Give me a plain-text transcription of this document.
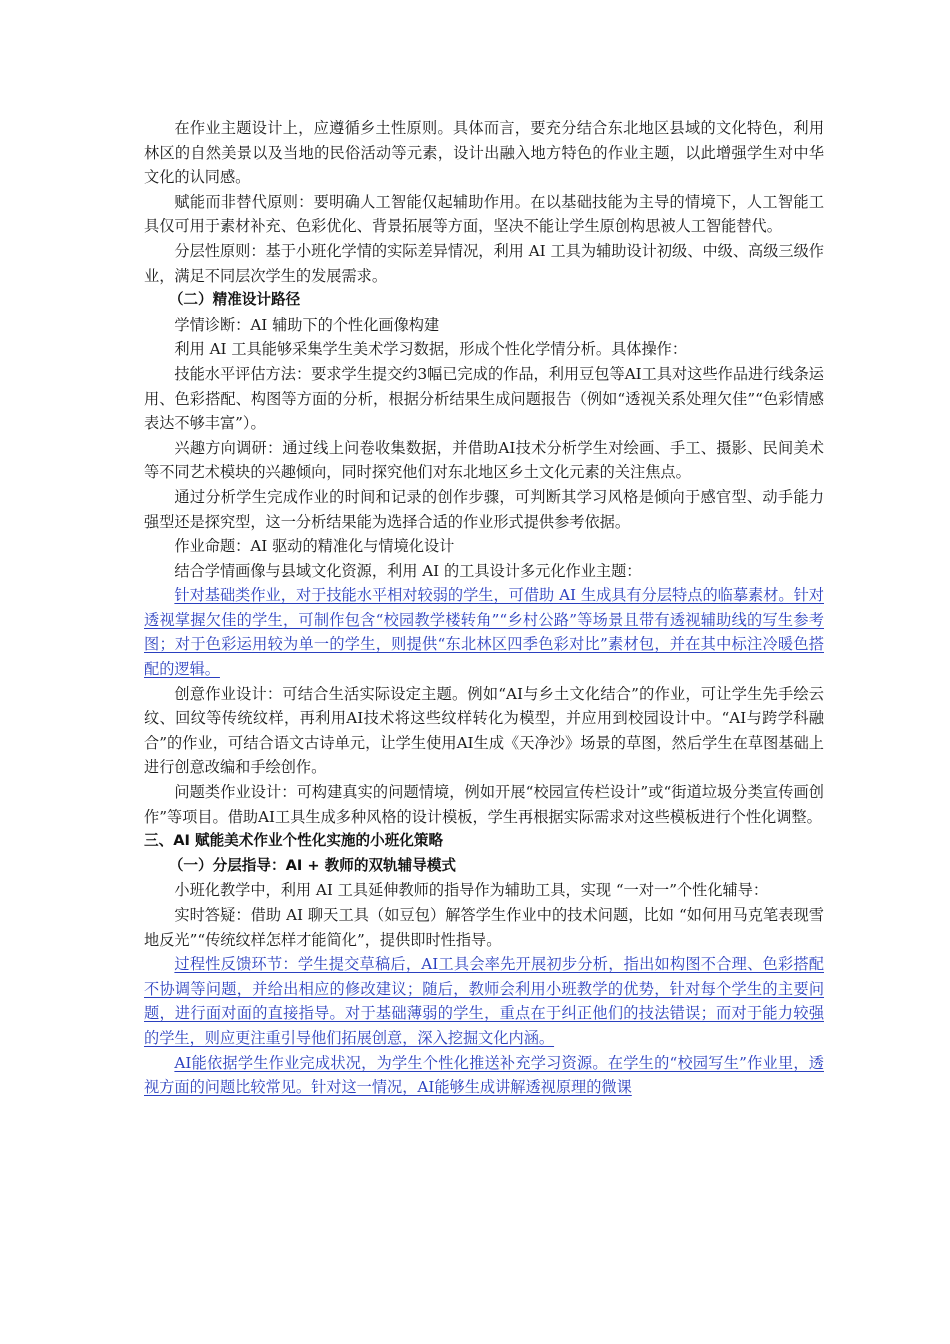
在作业主题设计上，应遵循乡土性原则。具体而言，要充分结合东北地区县域的文化特色，利用林区的自然美景以及当地的民俗活动等元素，设计出融入地方特色的作业主题，以此增强学生对中华文化的认同感。

赋能而非替代原则：要明确人工智能仅起辅助作用。在以基础技能为主导的情境下，人工智能工具仅可用于素材补充、色彩优化、背景拓展等方面，坚决不能让学生原创构思被人工智能替代。

分层性原则：基于小班化学情的实际差异情况，利用 AI 工具为辅助设计初级、中级、高级三级作业，满足不同层次学生的发展需求。

（二）精准设计路径

学情诊断：AI 辅助下的个性化画像构建

利用 AI 工具能够采集学生美术学习数据，形成个性化学情分析。具体操作：

技能水平评估方法：要求学生提交约3幅已完成的作品，利用豆包等AI工具对这些作品进行线条运用、色彩搭配、构图等方面的分析，根据分析结果生成问题报告（例如“透视关系处理欠佳”“色彩情感表达不够丰富”）。

兴趣方向调研：通过线上问卷收集数据，并借助AI技术分析学生对绘画、手工、摄影、民间美术等不同艺术模块的兴趣倾向，同时探究他们对东北地区乡土文化元素的关注焦点。

通过分析学生完成作业的时间和记录的创作步骤，可判断其学习风格是倾向于感官型、动手能力强型还是探究型，这一分析结果能为选择合适的作业形式提供参考依据。

作业命题：AI 驱动的精准化与情境化设计

结合学情画像与县域文化资源，利用 AI 的工具设计多元化作业主题：

针对基础类作业，对于技能水平相对较弱的学生，可借助 AI 生成具有分层特点的临摹素材。针对透视掌握欠佳的学生，可制作包含“校园教学楼转角”“乡村公路”等场景且带有透视辅助线的写生参考图；对于色彩运用较为单一的学生，则提供“东北林区四季色彩对比”素材包，并在其中标注冷暖色搭配的逻辑。

创意作业设计：可结合生活实际设定主题。例如“AI与乡土文化结合”的作业，可让学生先手绘云纹、回纹等传统纹样，再利用AI技术将这些纹样转化为模型，并应用到校园设计中。“AI与跨学科融合”的作业，可结合语文古诗单元，让学生使用AI生成《天净沙》场景的草图，然后学生在草图基础上进行创意改编和手绘创作。

问题类作业设计：可构建真实的问题情境，例如开展“校园宣传栏设计”或“街道垃圾分类宣传画创作”等项目。借助AI工具生成多种风格的设计模板，学生再根据实际需求对这些模板进行个性化调整。

三、AI 赋能美术作业个性化实施的小班化策略

（一）分层指导：AI + 教师的双轨辅导模式

小班化教学中，利用 AI 工具延伸教师的指导作为辅助工具，实现 “一对一”个性化辅导：

实时答疑：借助 AI 聊天工具（如豆包）解答学生作业中的技术问题，比如 “如何用马克笔表现雪地反光”“传统纹样怎样才能简化”，提供即时性指导。

过程性反馈环节：学生提交草稿后，AI工具会率先开展初步分析，指出如构图不合理、色彩搭配不协调等问题，并给出相应的修改建议；随后，教师会利用小班教学的优势，针对每个学生的主要问题，进行面对面的直接指导。对于基础薄弱的学生，重点在于纠正他们的技法错误；而对于能力较强的学生，则应更注重引导他们拓展创意，深入挖掘文化内涵。

AI能依据学生作业完成状况，为学生个性化推送补充学习资源。在学生的“校园写生”作业里，透视方面的问题比较常见。针对这一情况，AI能够生成讲解透视原理的微课
